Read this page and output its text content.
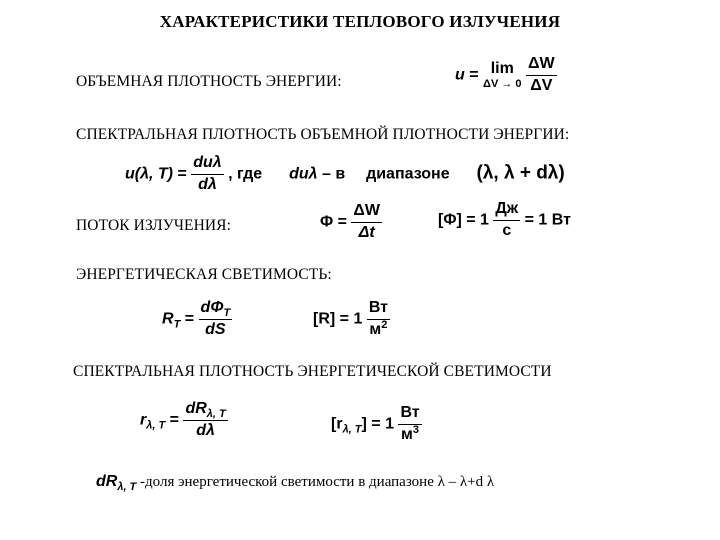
ХАРАКТЕРИСТИКИ ТЕПЛОВОГО ИЗЛУЧЕНИЯ
ОБЪЕМНАЯ ПЛОТНОСТЬ ЭНЕРГИИ:	u = lim
ΔV → 0
$\frac{\Delta W}{\Delta V}$
СПЕКТРАЛЬНАЯ ПЛОТНОСТЬ ОБЪЕМНОЙ ПЛОТНОСТИ ЭНЕРГИИ:
u(λ, $T) = \frac{\text{duλ}}{d\lambda}$ , где duλ – в диапазоне (λ, λ + dλ)
ПОТОК ИЗЛУЧЕНИЯ:	$\Phi = \frac{\Delta W}{\Delta t}$	$[\Phi] = 1 \frac{Дж}{с} = 1$ Вт
ЭНЕРГЕТИЧЕСКАЯ СВЕТИМОСТЬ:
$R_T = \frac{d\Phi_T}{dS}$	$[R] = 1 \frac{Вт}{м^2}$
СПЕКТРАЛЬНАЯ ПЛОТНОСТЬ ЭНЕРГЕТИЧЕСКОЙ СВЕТИМОСТИ
$r_{\lambda, T} = \frac{dR_{\lambda, T}}{d\lambda}$	$[r_{\lambda, T}] = 1 \frac{Вт}{м^3}$
$dR_{\lambda, T}$ -доля энергетической светимости в диапазоне λ – λ+d λ
